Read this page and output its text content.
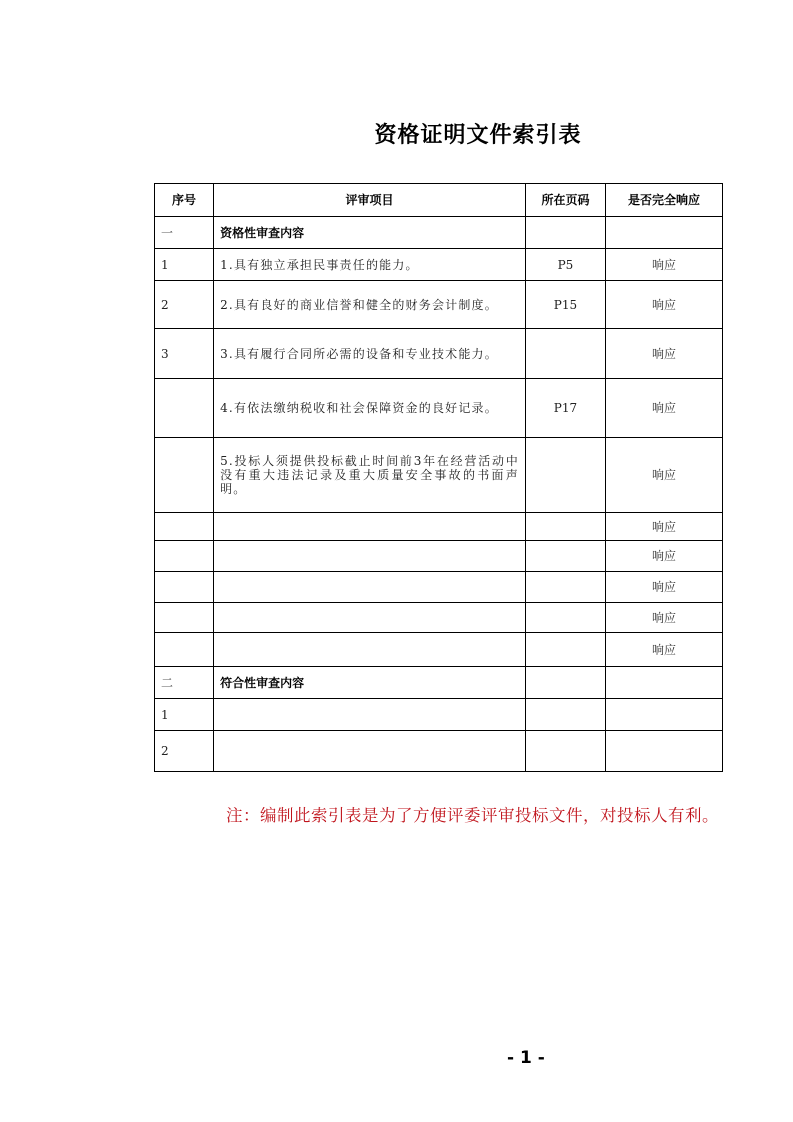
资格证明文件索引表
序号	评审项目	所在页码	是否完全响应
一	资格性审查内容		
1	1.具有独立承担民事责任的能力。	P5	响应
2	2.具有良好的商业信誉和健全的财务会计制度。	P15	响应
3	3.具有履行合同所必需的设备和专业技术能力。		响应
	4.有依法缴纳税收和社会保障资金的良好记录。	P17	响应
	5.投标人须提供投标截止时间前3年在经营活动中没有重大违法记录及重大质量安全事故的书面声明。		响应
			响应
			响应
			响应
			响应
			响应
二	符合性审查内容		
1			
2			
注：编制此索引表是为了方便评委评审投标文件，对投标人有利。
- 1 -
